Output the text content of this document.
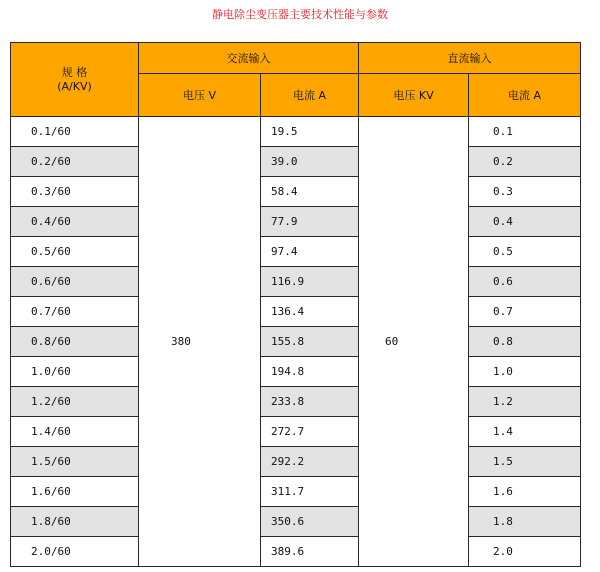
静电除尘变压器主要技术性能与参数
规 格
(A/KV)	交流输入		直流输入	
	电压 V	电流 A	电压 KV	电流 A
0.1/60	380	19.5	60	0.1
0.2/60		39.0		0.2
0.3/60		58.4		0.3
0.4/60		77.9		0.4
0.5/60		97.4		0.5
0.6/60		116.9		0.6
0.7/60		136.4		0.7
0.8/60		155.8		0.8
1.0/60		194.8		1.0
1.2/60		233.8		1.2
1.4/60		272.7		1.4
1.5/60		292.2		1.5
1.6/60		311.7		1.6
1.8/60		350.6		1.8
2.0/60		389.6		2.0
